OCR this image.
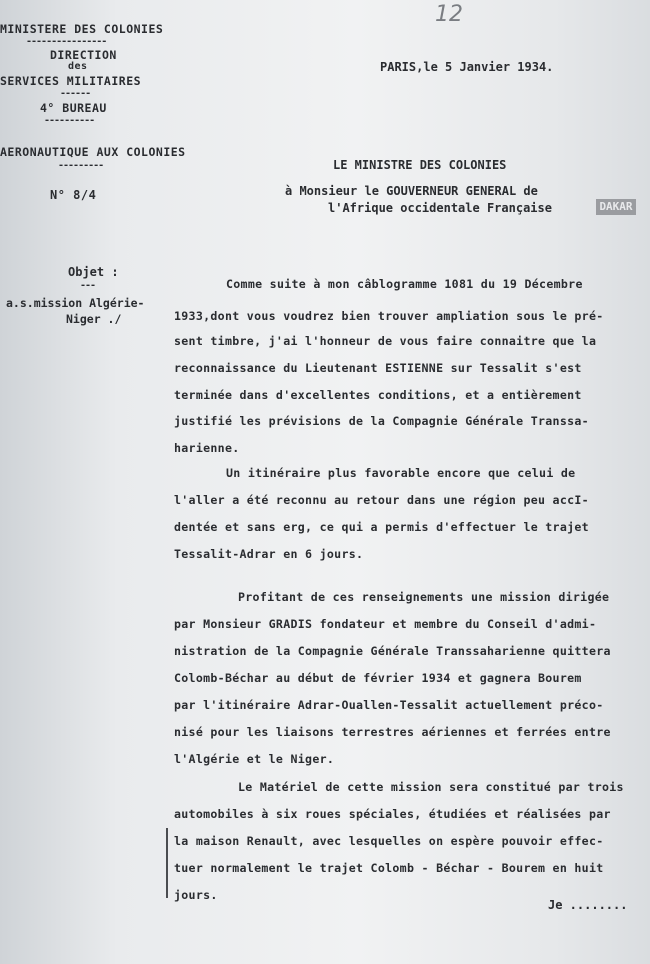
12
MINISTERE DES COLONIES
----------------
DIRECTION
des
SERVICES MILITAIRES
------
4° BUREAU
----------
AERONAUTIQUE AUX COLONIES
---------
N° 8/4
PARIS,le 5 Janvier 1934.
LE MINISTRE DES COLONIES
à Monsieur le GOUVERNEUR GENERAL de
l'Afrique occidentale Française	DAKAR
Objet :
---
a.s.mission Algérie-
Niger ./
Comme suite à mon câblogramme 1081 du 19 Décembre
1933,dont vous voudrez bien trouver ampliation sous le pré-
sent timbre, j'ai l'honneur de vous faire connaitre que la
reconnaissance du Lieutenant ESTIENNE sur Tessalit s'est
terminée dans d'excellentes conditions, et a entièrement
justifié les prévisions de la Compagnie Générale Transsa-
harienne.
Un itinéraire plus favorable encore que celui de
l'aller a été reconnu au retour dans une région peu accI-
dentée et sans erg, ce qui a permis d'effectuer le trajet
Tessalit-Adrar en 6 jours.
Profitant de ces renseignements une mission dirigée
par Monsieur GRADIS fondateur et membre du Conseil d'admi-
nistration de la Compagnie Générale Transsaharienne quittera
Colomb-Béchar au début de février 1934 et gagnera Bourem
par l'itinéraire Adrar-Ouallen-Tessalit actuellement préco-
nisé pour les liaisons terrestres aériennes et ferrées entre
l'Algérie et le Niger.
Le Matériel de cette mission sera constitué par trois
automobiles à six roues spéciales, étudiées et réalisées par
la maison Renault, avec lesquelles on espère pouvoir effec-
tuer normalement le trajet Colomb - Béchar - Bourem en huit
jours.
Je ........
